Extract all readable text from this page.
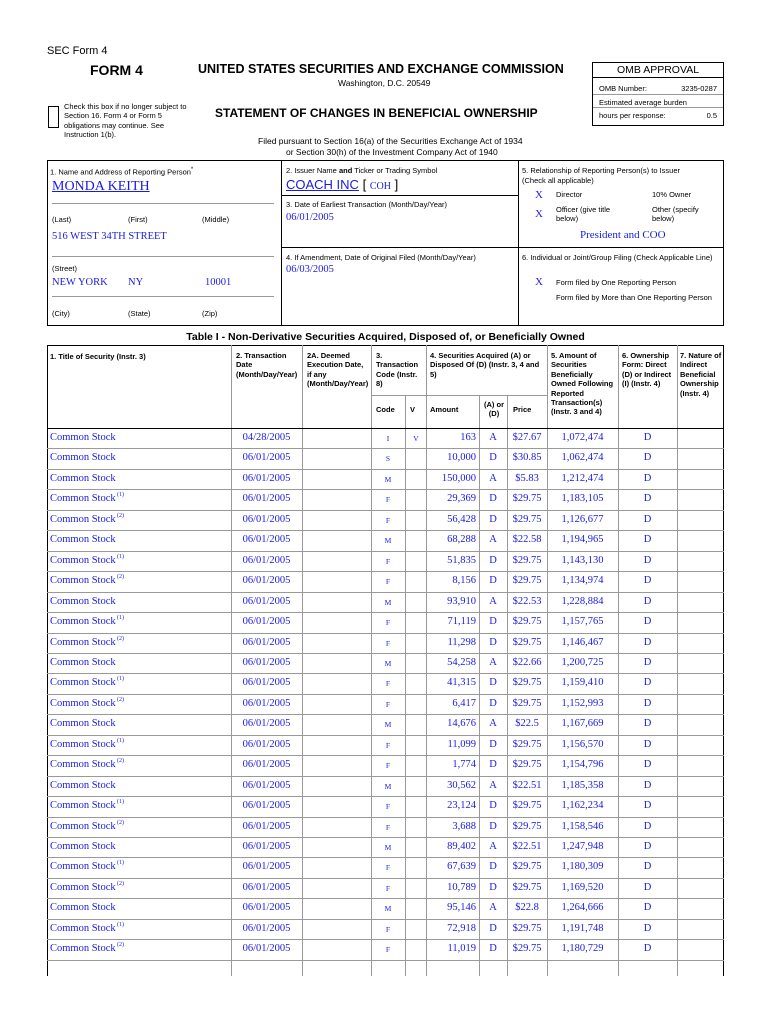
SEC Form 4
FORM 4	UNITED STATES SECURITIES AND EXCHANGE COMMISSION
Washington, D.C. 20549
Check this box if no longer subject to Section 16. Form 4 or Form 5 obligations may continue. See Instruction 1(b).
STATEMENT OF CHANGES IN BENEFICIAL OWNERSHIP
Filed pursuant to Section 16(a) of the Securities Exchange Act of 1934
or Section 30(h) of the Investment Company Act of 1940
OMB APPROVAL
OMB Number:	3235-0287
Estimated average burden
hours per response:	0.5
1. Name and Address of Reporting Person*
MONDA KEITH
(Last)	(First)	(Middle)
516 WEST 34TH STREET
(Street)
NEW YORK NY	10001
(City)	(State)	(Zip)
2. Issuer Name and Ticker or Trading Symbol
COACH INC [ COH ]
3. Date of Earliest Transaction (Month/Day/Year)
06/01/2005
4. If Amendment, Date of Original Filed (Month/Day/Year)
06/03/2005
5. Relationship of Reporting Person(s) to Issuer
(Check all applicable)
X Director	10% Owner
X Officer (give title below)
Other (specify below)
President and COO
6. Individual or Joint/Group Filing (Check Applicable Line)
X Form filed by One Reporting Person
Form filed by More than One Reporting Person
Table I - Non-Derivative Securities Acquired, Disposed of, or Beneficially Owned
1. Title of Security (Instr. 3)	2. Transaction Date (Month/Day/Year)
2A. Deemed Execution Date, if any (Month/Day/Year)
3. Transaction Code (Instr. 8)
4. Securities Acquired (A) or Disposed Of (D) (Instr. 3, 4 and 5)
5. Amount of Securities Beneficially Owned Following Reported Transaction(s) (Instr. 3 and 4)
6. Ownership Form: Direct (D) or Indirect (I) (Instr. 4)
7. Nature of Indirect Beneficial Ownership (Instr. 4)
Code V Amount
(A) or (D)	Price
Common Stock	04/28/2005	I	V	163	A	$27.67	1,072,474	D
Common Stock	06/01/2005	S	10,000	D	$30.85	1,062,474	D
Common Stock	06/01/2005	M	150,000	A	$5.83	1,212,474	D
Common Stock (1)	06/01/2005	F	29,369	D	$29.75	1,183,105	D
Common Stock (2)	06/01/2005	F	56,428	D	$29.75	1,126,677	D
Common Stock	06/01/2005	M	68,288	A	$22.58	1,194,965	D
Common Stock (1)	06/01/2005	F	51,835	D	$29.75	1,143,130	D
Common Stock (2)	06/01/2005	F	8,156	D	$29.75	1,134,974	D
Common Stock	06/01/2005	M	93,910	A	$22.53	1,228,884	D
Common Stock (1)	06/01/2005	F	71,119	D	$29.75	1,157,765	D
Common Stock (2)	06/01/2005	F	11,298	D	$29.75	1,146,467	D
Common Stock	06/01/2005	M	54,258	A	$22.66	1,200,725	D
Common Stock (1)	06/01/2005	F	41,315	D	$29.75	1,159,410	D
Common Stock (2)	06/01/2005	F	6,417	D	$29.75	1,152,993	D
Common Stock	06/01/2005	M	14,676	A	$22.5	1,167,669	D
Common Stock (1)	06/01/2005	F	11,099	D	$29.75	1,156,570	D
Common Stock (2)	06/01/2005	F	1,774	D	$29.75	1,154,796	D
Common Stock	06/01/2005	M	30,562	A	$22.51	1,185,358	D
Common Stock (1)	06/01/2005	F	23,124	D	$29.75	1,162,234	D
Common Stock (2)	06/01/2005	F	3,688	D	$29.75	1,158,546	D
Common Stock	06/01/2005	M	89,402	A	$22.51	1,247,948	D
Common Stock (1)	06/01/2005	F	67,639	D	$29.75	1,180,309	D
Common Stock (2)	06/01/2005	F	10,789	D	$29.75	1,169,520	D
Common Stock	06/01/2005	M	95,146	A	$22.8	1,264,666	D
Common Stock (1)	06/01/2005	F	72,918	D	$29.75	1,191,748	D
Common Stock (2)	06/01/2005	F	11,019	D	$29.75	1,180,729	D
